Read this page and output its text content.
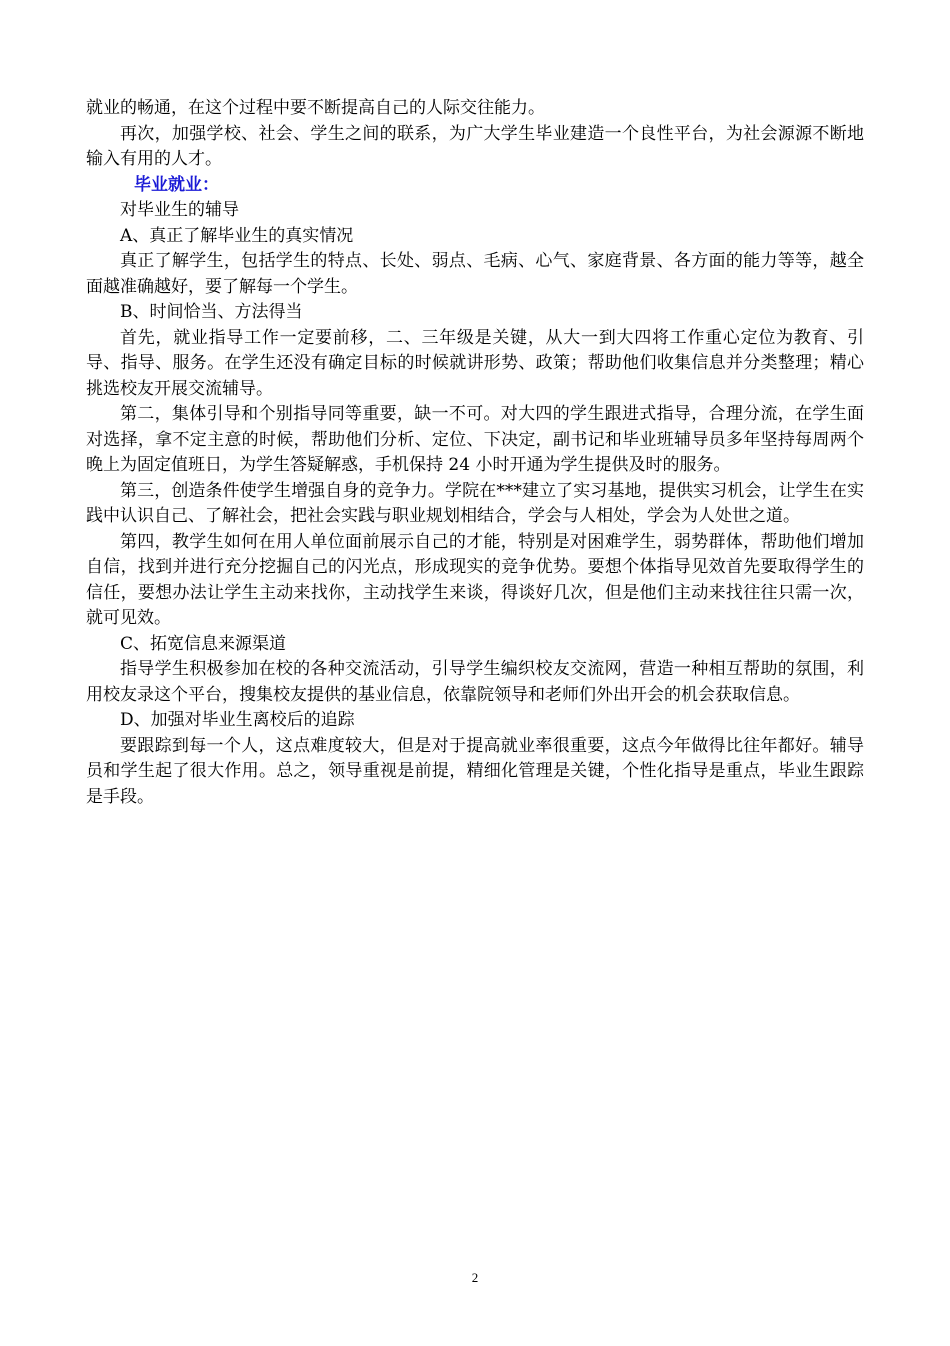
就业的畅通，在这个过程中要不断提高自己的人际交往能力。

再次，加强学校、社会、学生之间的联系，为广大学生毕业建造一个良性平台，为社会源源不断地输入有用的人才。

毕业就业：

对毕业生的辅导

A、真正了解毕业生的真实情况

真正了解学生，包括学生的特点、长处、弱点、毛病、心气、家庭背景、各方面的能力等等，越全面越准确越好，要了解每一个学生。

B、时间恰当、方法得当

首先，就业指导工作一定要前移，二、三年级是关键，从大一到大四将工作重心定位为教育、引导、指导、服务。在学生还没有确定目标的时候就讲形势、政策；帮助他们收集信息并分类整理；精心挑选校友开展交流辅导。

第二，集体引导和个别指导同等重要，缺一不可。对大四的学生跟进式指导，合理分流，在学生面对选择，拿不定主意的时候，帮助他们分析、定位、下决定，副书记和毕业班辅导员多年坚持每周两个晚上为固定值班日，为学生答疑解惑，手机保持 24 小时开通为学生提供及时的服务。

第三，创造条件使学生增强自身的竞争力。学院在***建立了实习基地，提供实习机会，让学生在实践中认识自己、了解社会，把社会实践与职业规划相结合，学会与人相处，学会为人处世之道。

第四，教学生如何在用人单位面前展示自己的才能，特别是对困难学生，弱势群体，帮助他们增加自信，找到并进行充分挖掘自己的闪光点，形成现实的竞争优势。要想个体指导见效首先要取得学生的信任，要想办法让学生主动来找你，主动找学生来谈，得谈好几次，但是他们主动来找往往只需一次，就可见效。

C、拓宽信息来源渠道

指导学生积极参加在校的各种交流活动，引导学生编织校友交流网，营造一种相互帮助的氛围，利用校友录这个平台，搜集校友提供的基业信息，依靠院领导和老师们外出开会的机会获取信息。

D、加强对毕业生离校后的追踪

要跟踪到每一个人，这点难度较大，但是对于提高就业率很重要，这点今年做得比往年都好。辅导员和学生起了很大作用。总之，领导重视是前提，精细化管理是关键，个性化指导是重点，毕业生跟踪是手段。

2
